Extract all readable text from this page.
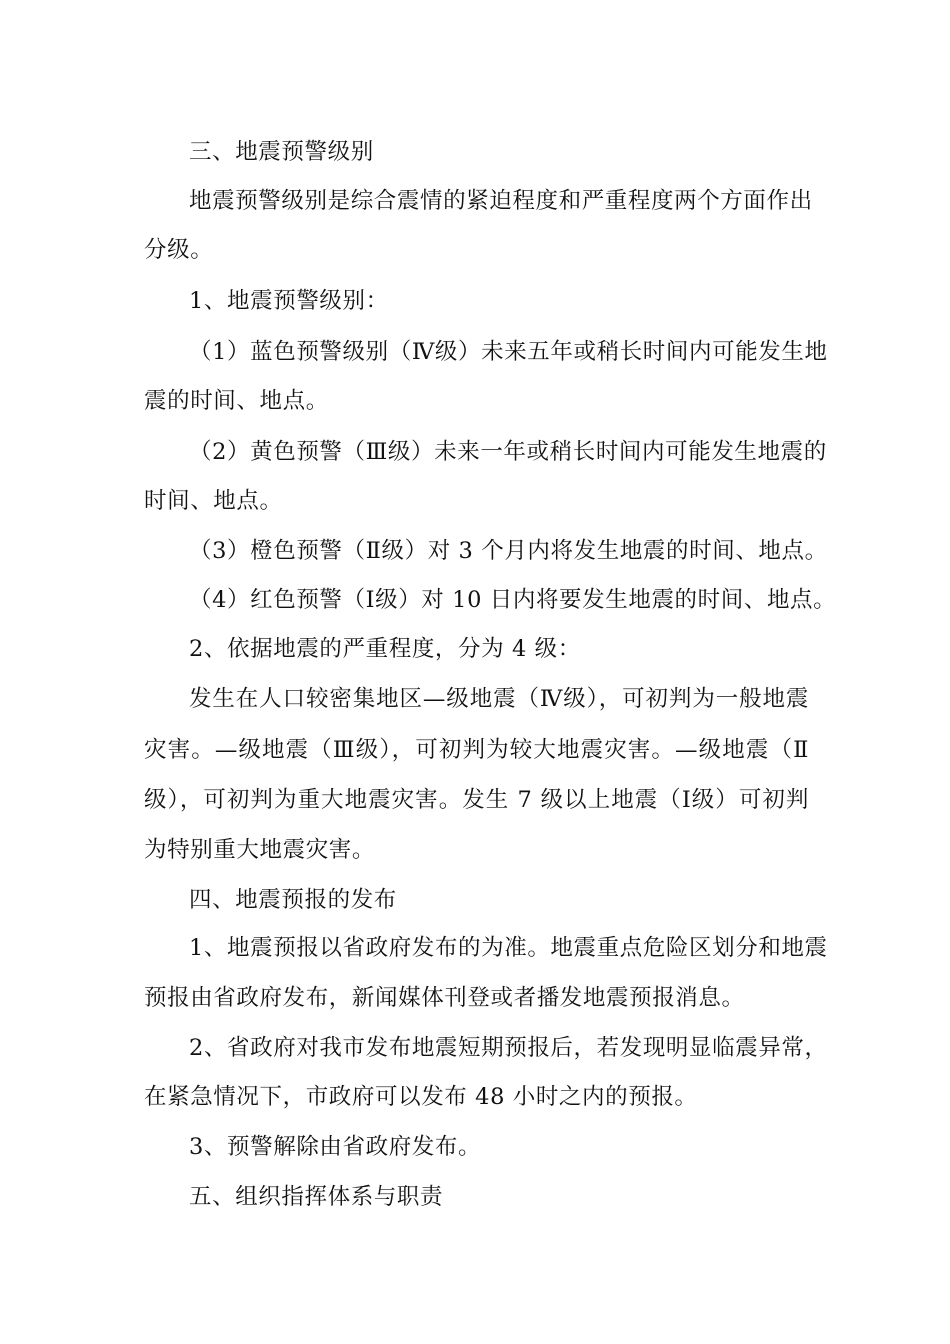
三、地震预警级别
地震预警级别是综合震情的紧迫程度和严重程度两个方面作出
分级。
1、地震预警级别：
（1）蓝色预警级别（Ⅳ级）未来五年或稍长时间内可能发生地
震的时间、地点。
（2）黄色预警（Ⅲ级）未来一年或稍长时间内可能发生地震的
时间、地点。
（3）橙色预警（Ⅱ级）对 3 个月内将发生地震的时间、地点。
（4）红色预警（Ⅰ级）对 10 日内将要发生地震的时间、地点。
2、依据地震的严重程度，分为 4 级：
发生在人口较密集地区—级地震（Ⅳ级），可初判为一般地震
灾害。—级地震（Ⅲ级），可初判为较大地震灾害。—级地震（Ⅱ
级），可初判为重大地震灾害。发生 7 级以上地震（Ⅰ级）可初判
为特别重大地震灾害。
四、地震预报的发布
1、地震预报以省政府发布的为准。地震重点危险区划分和地震
预报由省政府发布，新闻媒体刊登或者播发地震预报消息。
2、省政府对我市发布地震短期预报后，若发现明显临震异常，
在紧急情况下，市政府可以发布 48 小时之内的预报。
3、预警解除由省政府发布。
五、组织指挥体系与职责
